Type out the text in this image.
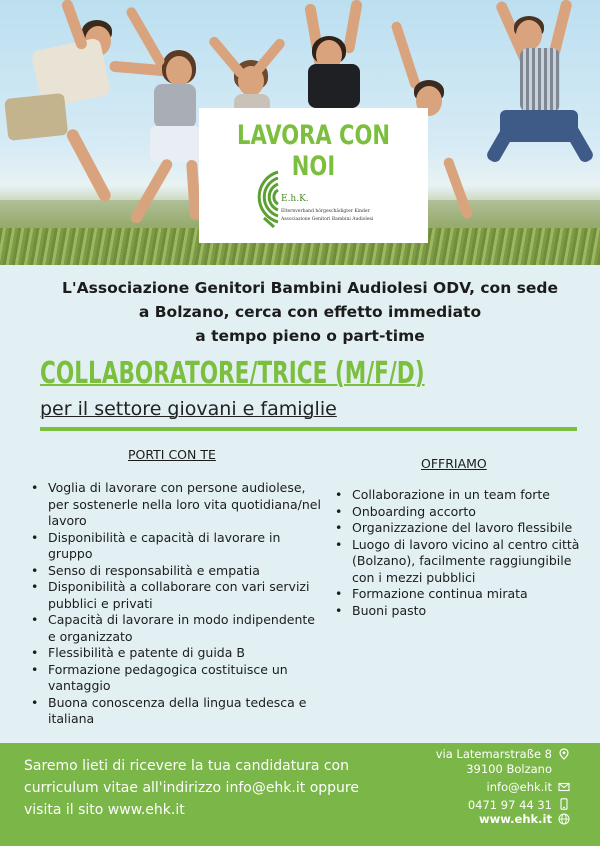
LAVORA CON NOI
E.h.K.
Elternverband hörgeschädigter Kinder
Associazione Genitori Bambini Audiolesi
L'Associazione Genitori Bambini Audiolesi ODV, con sede
a Bolzano, cerca con effetto immediato
a tempo pieno o part-time
COLLABORATORE/TRICE (M/F/D)
per il settore giovani e famiglie
PORTI CON TE
• Voglia di lavorare con persone audiolese, per sostenerle nella loro vita quotidiana/nel lavoro
• Disponibilità e capacità di lavorare in gruppo
• Senso di responsabilità e empatia
• Disponibilità a collaborare con vari servizi pubblici e privati
• Capacità di lavorare in modo indipendente e organizzato
• Flessibilità e patente di guida B
• Formazione pedagogica costituisce un vantaggio
• Buona conoscenza della lingua tedesca e italiana
OFFRIAMO
• Collaborazione in un team forte
• Onboarding accorto
• Organizzazione del lavoro flessibile
• Luogo di lavoro vicino al centro città (Bolzano), facilmente raggiungibile con i mezzi pubblici
• Formazione continua mirata
• Buoni pasto
Saremo lieti di ricevere la tua candidatura con curriculum vitae all'indirizzo info@ehk.it oppure visita il sito www.ehk.it
via Latemarstraße 8
39100 Bolzano
info@ehk.it
0471 97 44 31
www.ehk.it
